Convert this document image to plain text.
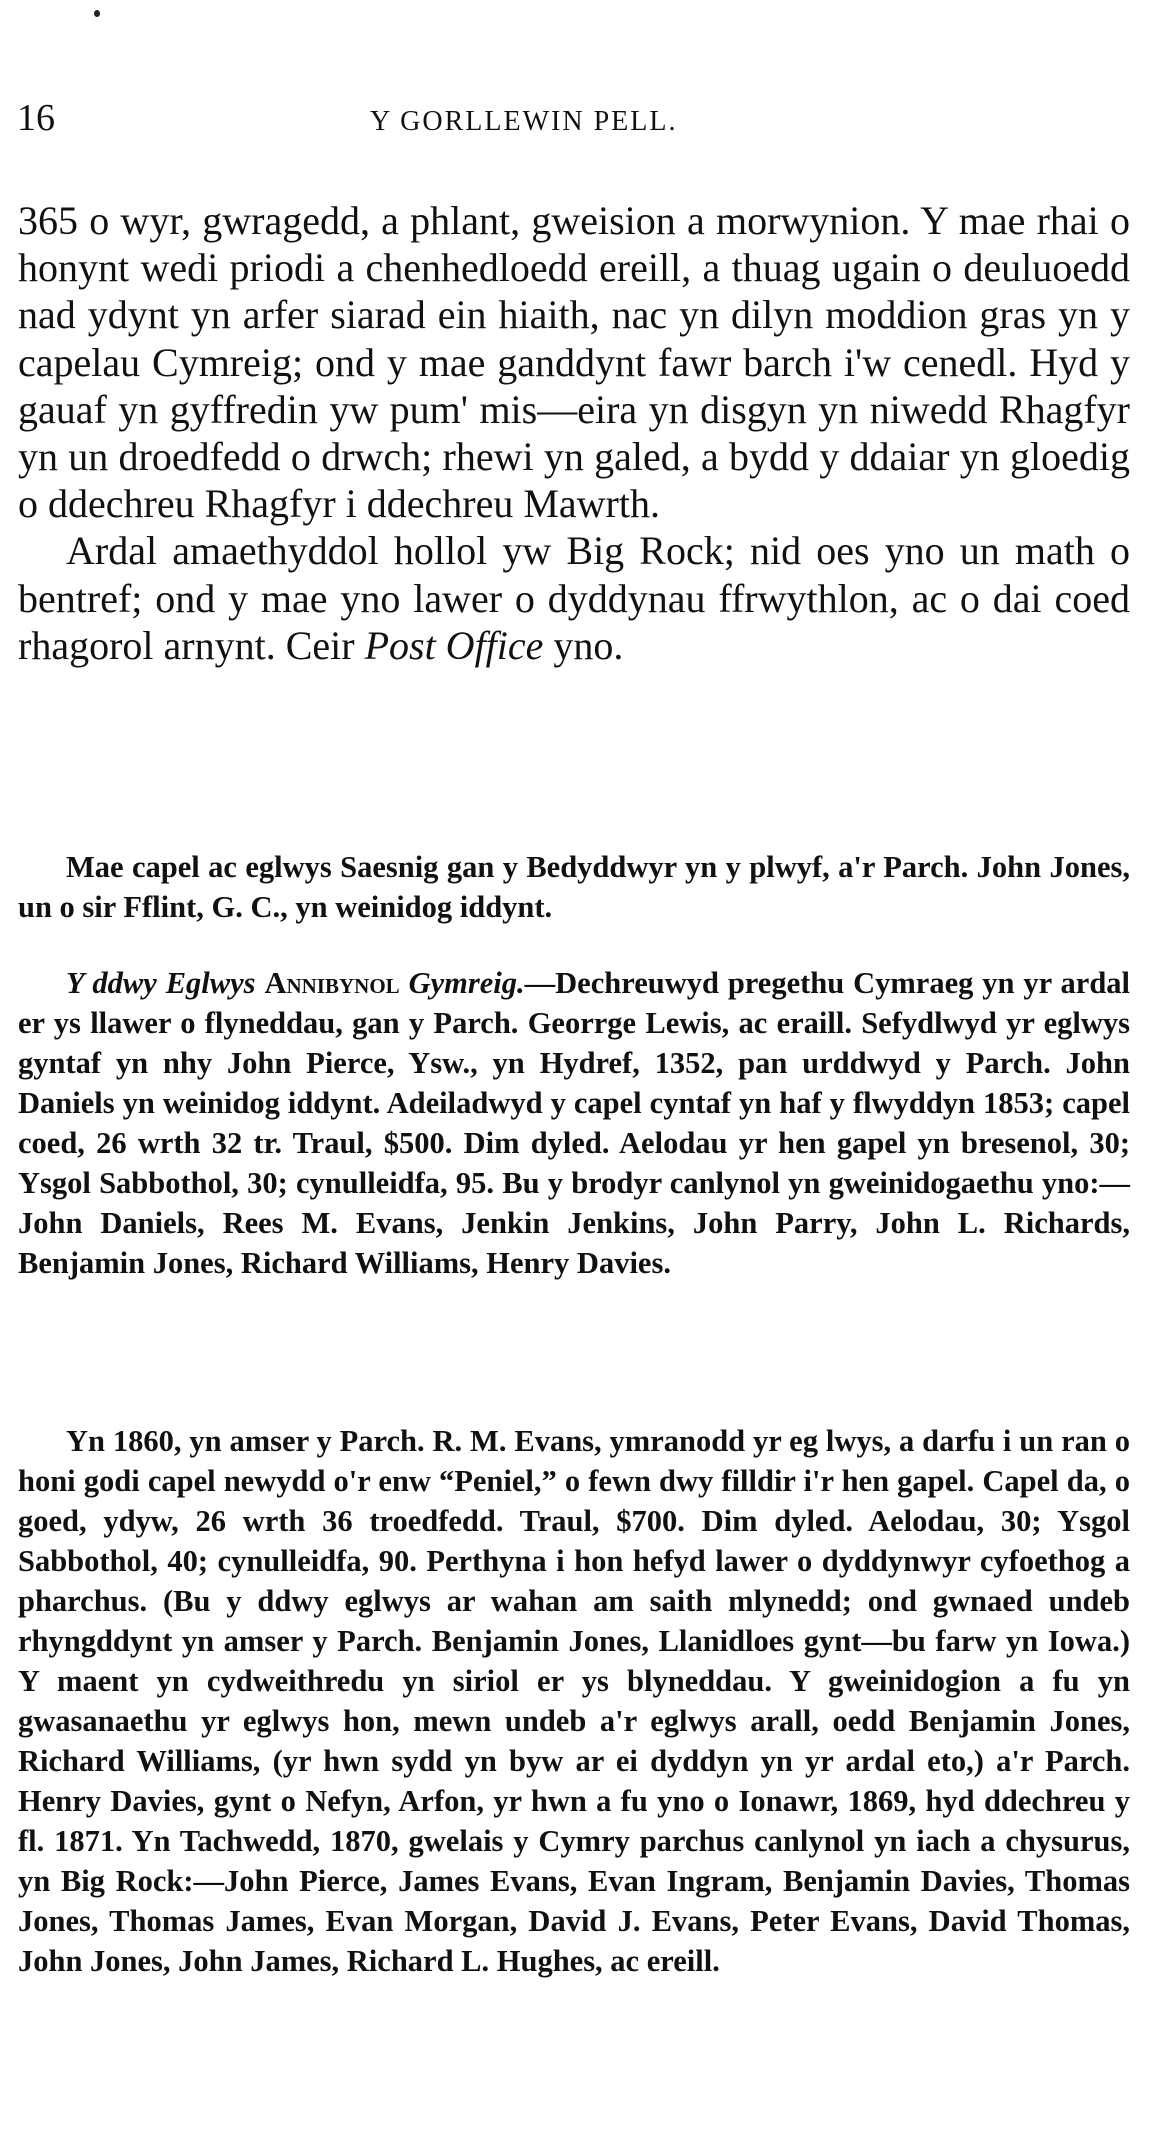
16	Y GORLLEWIN PELL.

365 o wyr, gwragedd, a phlant, gweision a morwynion. Y mae rhai o honynt wedi priodi a chenhedloedd ereill, a thuag ugain o deuluoedd nad ydynt yn arfer siarad ein hiaith, nac yn dilyn moddion gras yn y capelau Cymreig; ond y mae ganddynt fawr barch i'w cenedl. Hyd y gauaf yn gyffredin yw pum' mis—eira yn disgyn yn niwedd Rhagfyr yn un droedfedd o drwch; rhewi yn galed, a bydd y ddaiar yn gloedig o ddechreu Rhagfyr i ddechreu Mawrth.

Ardal amaethyddol hollol yw Big Rock; nid oes yno un math o bentref; ond y mae yno lawer o dyddynau ffrwythlon, ac o dai coed rhagorol arnynt. Ceir Post Office yno.

Mae capel ac eglwys Saesnig gan y Bedyddwyr yn y plwyf, a'r Parch. John Jones, un o sir Fflint, G. C., yn weinidog iddynt.

Y ddwy Eglwys Annibynol Gymreig.—Dechreuwyd pregethu Cymraeg yn yr ardal er ys llawer o flyneddau, gan y Parch. Georrge Lewis, ac eraill. Sefydlwyd yr eglwys gyntaf yn nhy John Pierce, Ysw., yn Hydref, 1352, pan urddwyd y Parch. John Daniels yn weinidog iddynt. Adeiladwyd y capel cyntaf yn haf y flwyddyn 1853; capel coed, 26 wrth 32 tr. Traul, $500. Dim dyled. Aelodau yr hen gapel yn bresenol, 30; Ysgol Sabbothol, 30; cynulleidfa, 95. Bu y brodyr canlynol yn gweinidogaethu yno:—John Daniels, Rees M. Evans, Jenkin Jenkins, John Parry, John L. Richards, Benjamin Jones, Richard Williams, Henry Davies.

Yn 1860, yn amser y Parch. R. M. Evans, ymranodd yr eg lwys, a darfu i un ran o honi godi capel newydd o'r enw “Peniel,” o fewn dwy filldir i'r hen gapel. Capel da, o goed, ydyw, 26 wrth 36 troedfedd. Traul, $700. Dim dyled. Aelodau, 30; Ysgol Sabbothol, 40; cynulleidfa, 90. Perthyna i hon hefyd lawer o dyddynwyr cyfoethog a pharchus. (Bu y ddwy eglwys ar wahan am saith mlynedd; ond gwnaed undeb rhyngddynt yn amser y Parch. Benjamin Jones, Llanidloes gynt—bu farw yn Iowa.) Y maent yn cydweithredu yn siriol er ys blyneddau. Y gweinidogion a fu yn gwasanaethu yr eglwys hon, mewn undeb a'r eglwys arall, oedd Benjamin Jones, Richard Williams, (yr hwn sydd yn byw ar ei dyddyn yn yr ardal eto,) a'r Parch. Henry Davies, gynt o Nefyn, Arfon, yr hwn a fu yno o Ionawr, 1869, hyd ddechreu y fl. 1871. Yn Tachwedd, 1870, gwelais y Cymry parchus canlynol yn iach a chysurus, yn Big Rock:—John Pierce, James Evans, Evan Ingram, Benjamin Davies, Thomas Jones, Thomas James, Evan Morgan, David J. Evans, Peter Evans, David Thomas, John Jones, John James, Richard L. Hughes, ac ereill.
